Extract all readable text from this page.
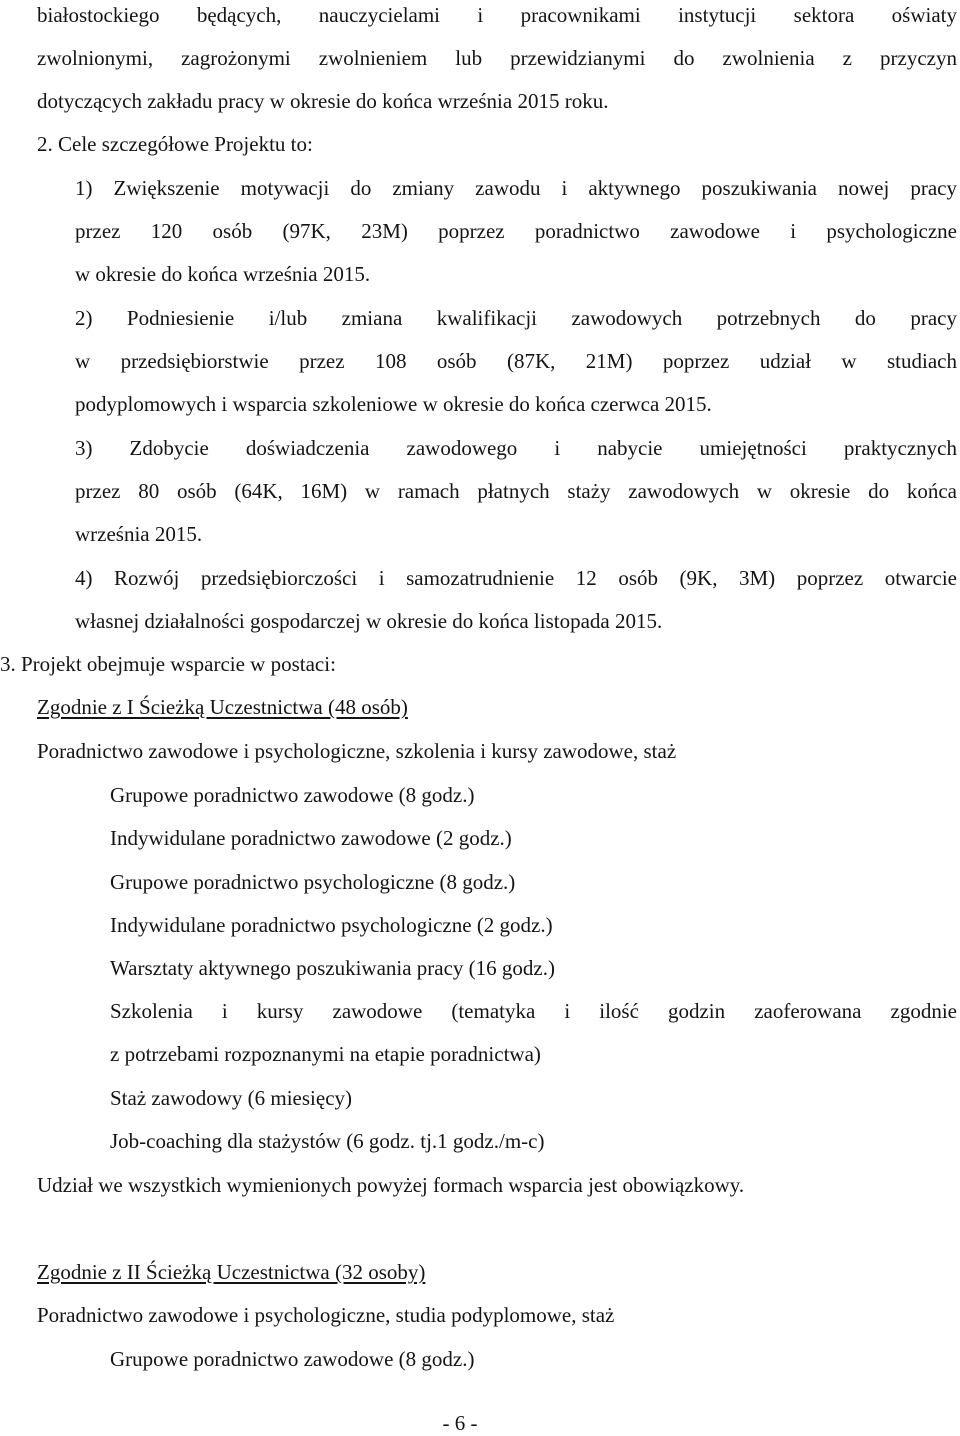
białostockiego będących, nauczycielami i pracownikami instytucji sektora oświaty
zwolnionymi, zagrożonymi zwolnieniem lub przewidzianymi do zwolnienia z przyczyn
dotyczących zakładu pracy w okresie do końca września 2015 roku.
2. Cele szczegółowe Projektu to:
1) Zwiększenie motywacji do zmiany zawodu i aktywnego poszukiwania nowej pracy
przez 120 osób (97K, 23M) poprzez poradnictwo zawodowe i psychologiczne
w okresie do końca września 2015.
2) Podniesienie i/lub zmiana kwalifikacji zawodowych potrzebnych do pracy
w przedsiębiorstwie przez 108 osób (87K, 21M) poprzez udział w studiach
podyplomowych i wsparcia szkoleniowe w okresie do końca czerwca 2015.
3) Zdobycie doświadczenia zawodowego i nabycie umiejętności praktycznych
przez 80 osób (64K, 16M) w ramach płatnych staży zawodowych w okresie do końca
września 2015.
4) Rozwój przedsiębiorczości i samozatrudnienie 12 osób (9K, 3M) poprzez otwarcie
własnej działalności gospodarczej w okresie do końca listopada 2015.
3. Projekt obejmuje wsparcie w postaci:
Zgodnie z I Ścieżką Uczestnictwa (48 osób)
Poradnictwo zawodowe i psychologiczne, szkolenia i kursy zawodowe, staż
Grupowe poradnictwo zawodowe (8 godz.)
Indywidulane poradnictwo zawodowe (2 godz.)
Grupowe poradnictwo psychologiczne (8 godz.)
Indywidulane poradnictwo psychologiczne (2 godz.)
Warsztaty aktywnego poszukiwania pracy (16 godz.)
Szkolenia i kursy zawodowe (tematyka i ilość godzin zaoferowana zgodnie
z potrzebami rozpoznanymi na etapie poradnictwa)
Staż zawodowy (6 miesięcy)
Job-coaching dla stażystów (6 godz. tj.1 godz./m-c)
Udział we wszystkich wymienionych powyżej formach wsparcia jest obowiązkowy.
Zgodnie z II Ścieżką Uczestnictwa (32 osoby)
Poradnictwo zawodowe i psychologiczne, studia podyplomowe, staż
Grupowe poradnictwo zawodowe (8 godz.)
- 6 -
